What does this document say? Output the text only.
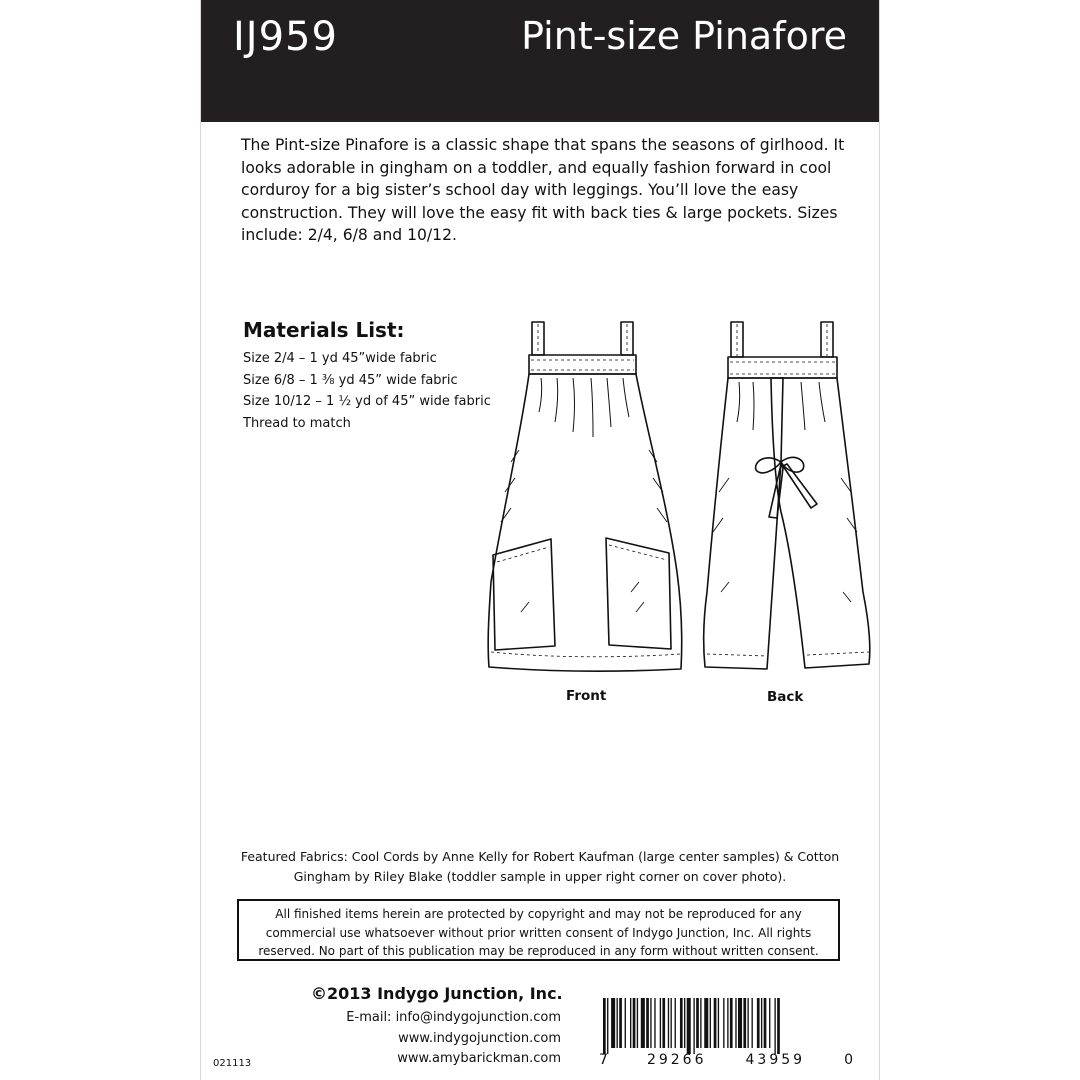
IJ959	Pint-size Pinafore

The Pint-size Pinafore is a classic shape that spans the seasons of girlhood. It looks adorable in gingham on a toddler, and equally fashion forward in cool corduroy for a big sister’s school day with leggings. You’ll love the easy construction. They will love the easy fit with back ties & large pockets. Sizes include: 2/4, 6/8 and 10/12.

Materials List:
Size 2/4 – 1 yd 45”wide fabric
Size 6/8 – 1 ⅜ yd 45” wide fabric
Size 10/12 – 1 ½ yd of 45” wide fabric
Thread to match
Front	Back

Featured Fabrics: Cool Cords by Anne Kelly for Robert Kaufman (large center samples) & Cotton Gingham by Riley Blake (toddler sample in upper right corner on cover photo).

All finished items herein are protected by copyright and may not be reproduced for any commercial use whatsoever without prior written consent of Indygo Junction, Inc. All rights reserved. No part of this publication may be reproduced in any form without written consent.

©2013 Indygo Junction, Inc.
E-mail: info@indygojunction.com
www.indygojunction.com
www.amybarickman.com
021113	7	29266	43959	0
